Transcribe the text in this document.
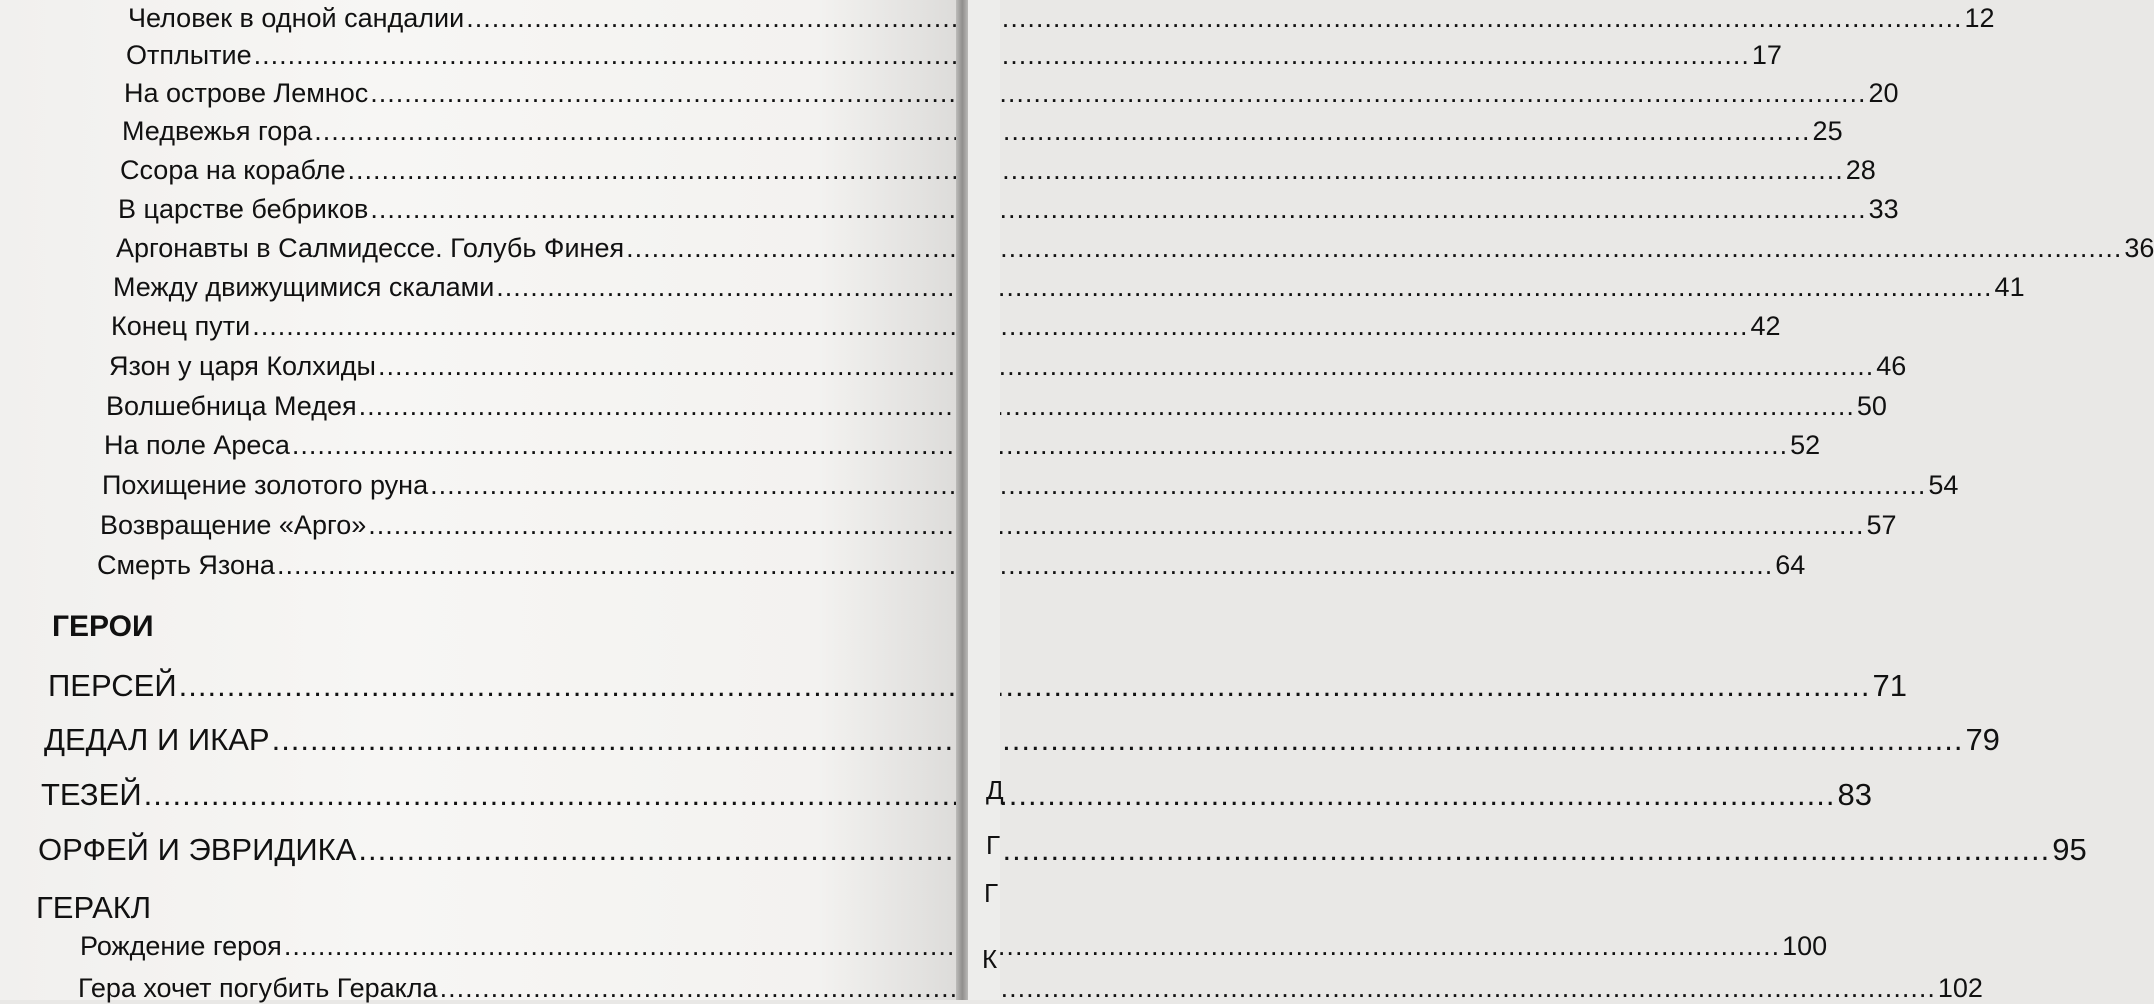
Человек в одной сандалии .....	12
Отплытие .....	17
На острове Лемнос .....	20
Медвежья гора .....	25
Ссора на корабле .....	28
В царстве бебриков .....	33
Аргонавты в Салмидессе. Голубь Финея .....	36
Между движущимися скалами .....	41
Конец пути .....	42
Язон у царя Колхиды .....	46
Волшебница Медея .....	50
На поле Ареса .....	52
Похищение золотого руна .....	54
Возвращение «Арго» .....	57
Смерть Язона .....	64
ГЕРОИ
ПЕРСЕЙ .....	71
ДЕДАЛ И ИКАР .....	79
ТЕЗЕЙ .....	83
ОРФЕЙ И ЭВРИДИКА .....	95
ГЕРАКЛ
Рождение героя .....	100
Гера хочет погубить Геракла .....	102
Д
Г
Г
К
